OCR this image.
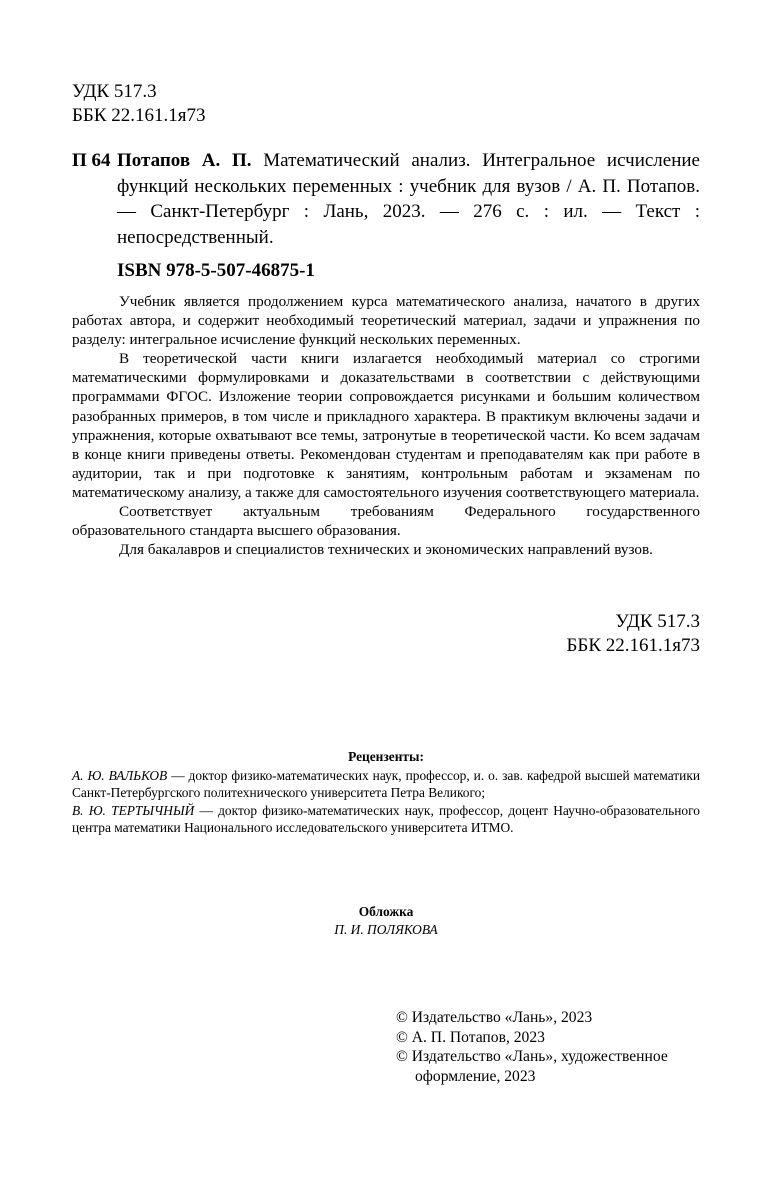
УДК 517.3
ББК 22.161.1я73
П 64 Потапов А. П. Математический анализ. Интегральное исчисление функций нескольких переменных : учебник для вузов / А. П. Потапов. — Санкт-Петербург : Лань, 2023. — 276 с. : ил. — Текст : непосредственный.
ISBN 978-5-507-46875-1

Учебник является продолжением курса математического анализа, начатого в других работах автора, и содержит необходимый теоретический материал, задачи и упражнения по разделу: интегральное исчисление функций нескольких переменных.

В теоретической части книги излагается необходимый материал со строгими математическими формулировками и доказательствами в соответствии с действующими программами ФГОС. Изложение теории сопровождается рисунками и большим количеством разобранных примеров, в том числе и прикладного характера. В практикум включены задачи и упражнения, которые охватывают все темы, затронутые в теоретической части. Ко всем задачам в конце книги приведены ответы. Рекомендован студентам и преподавателям как при работе в аудитории, так и при подготовке к занятиям, контрольным работам и экзаменам по математическому анализу, а также для самостоятельного изучения соответствующего материала.

Соответствует актуальным требованиям Федерального государственного образовательного стандарта высшего образования.

Для бакалавров и специалистов технических и экономических направлений вузов.

УДК 517.3
ББК 22.161.1я73
Рецензенты:

А. Ю. ВАЛЬКОВ — доктор физико-математических наук, профессор, и. о. зав. кафедрой высшей математики Санкт-Петербургского политехнического университета Петра Великого;

В. Ю. ТЕРТЫЧНЫЙ — доктор физико-математических наук, профессор, доцент Научно-образовательного центра математики Национального исследовательского университета ИТМО.

Обложка
П. И. ПОЛЯКОВА
© Издательство «Лань», 2023
© А. П. Потапов, 2023
© Издательство «Лань», художественное
оформление, 2023
